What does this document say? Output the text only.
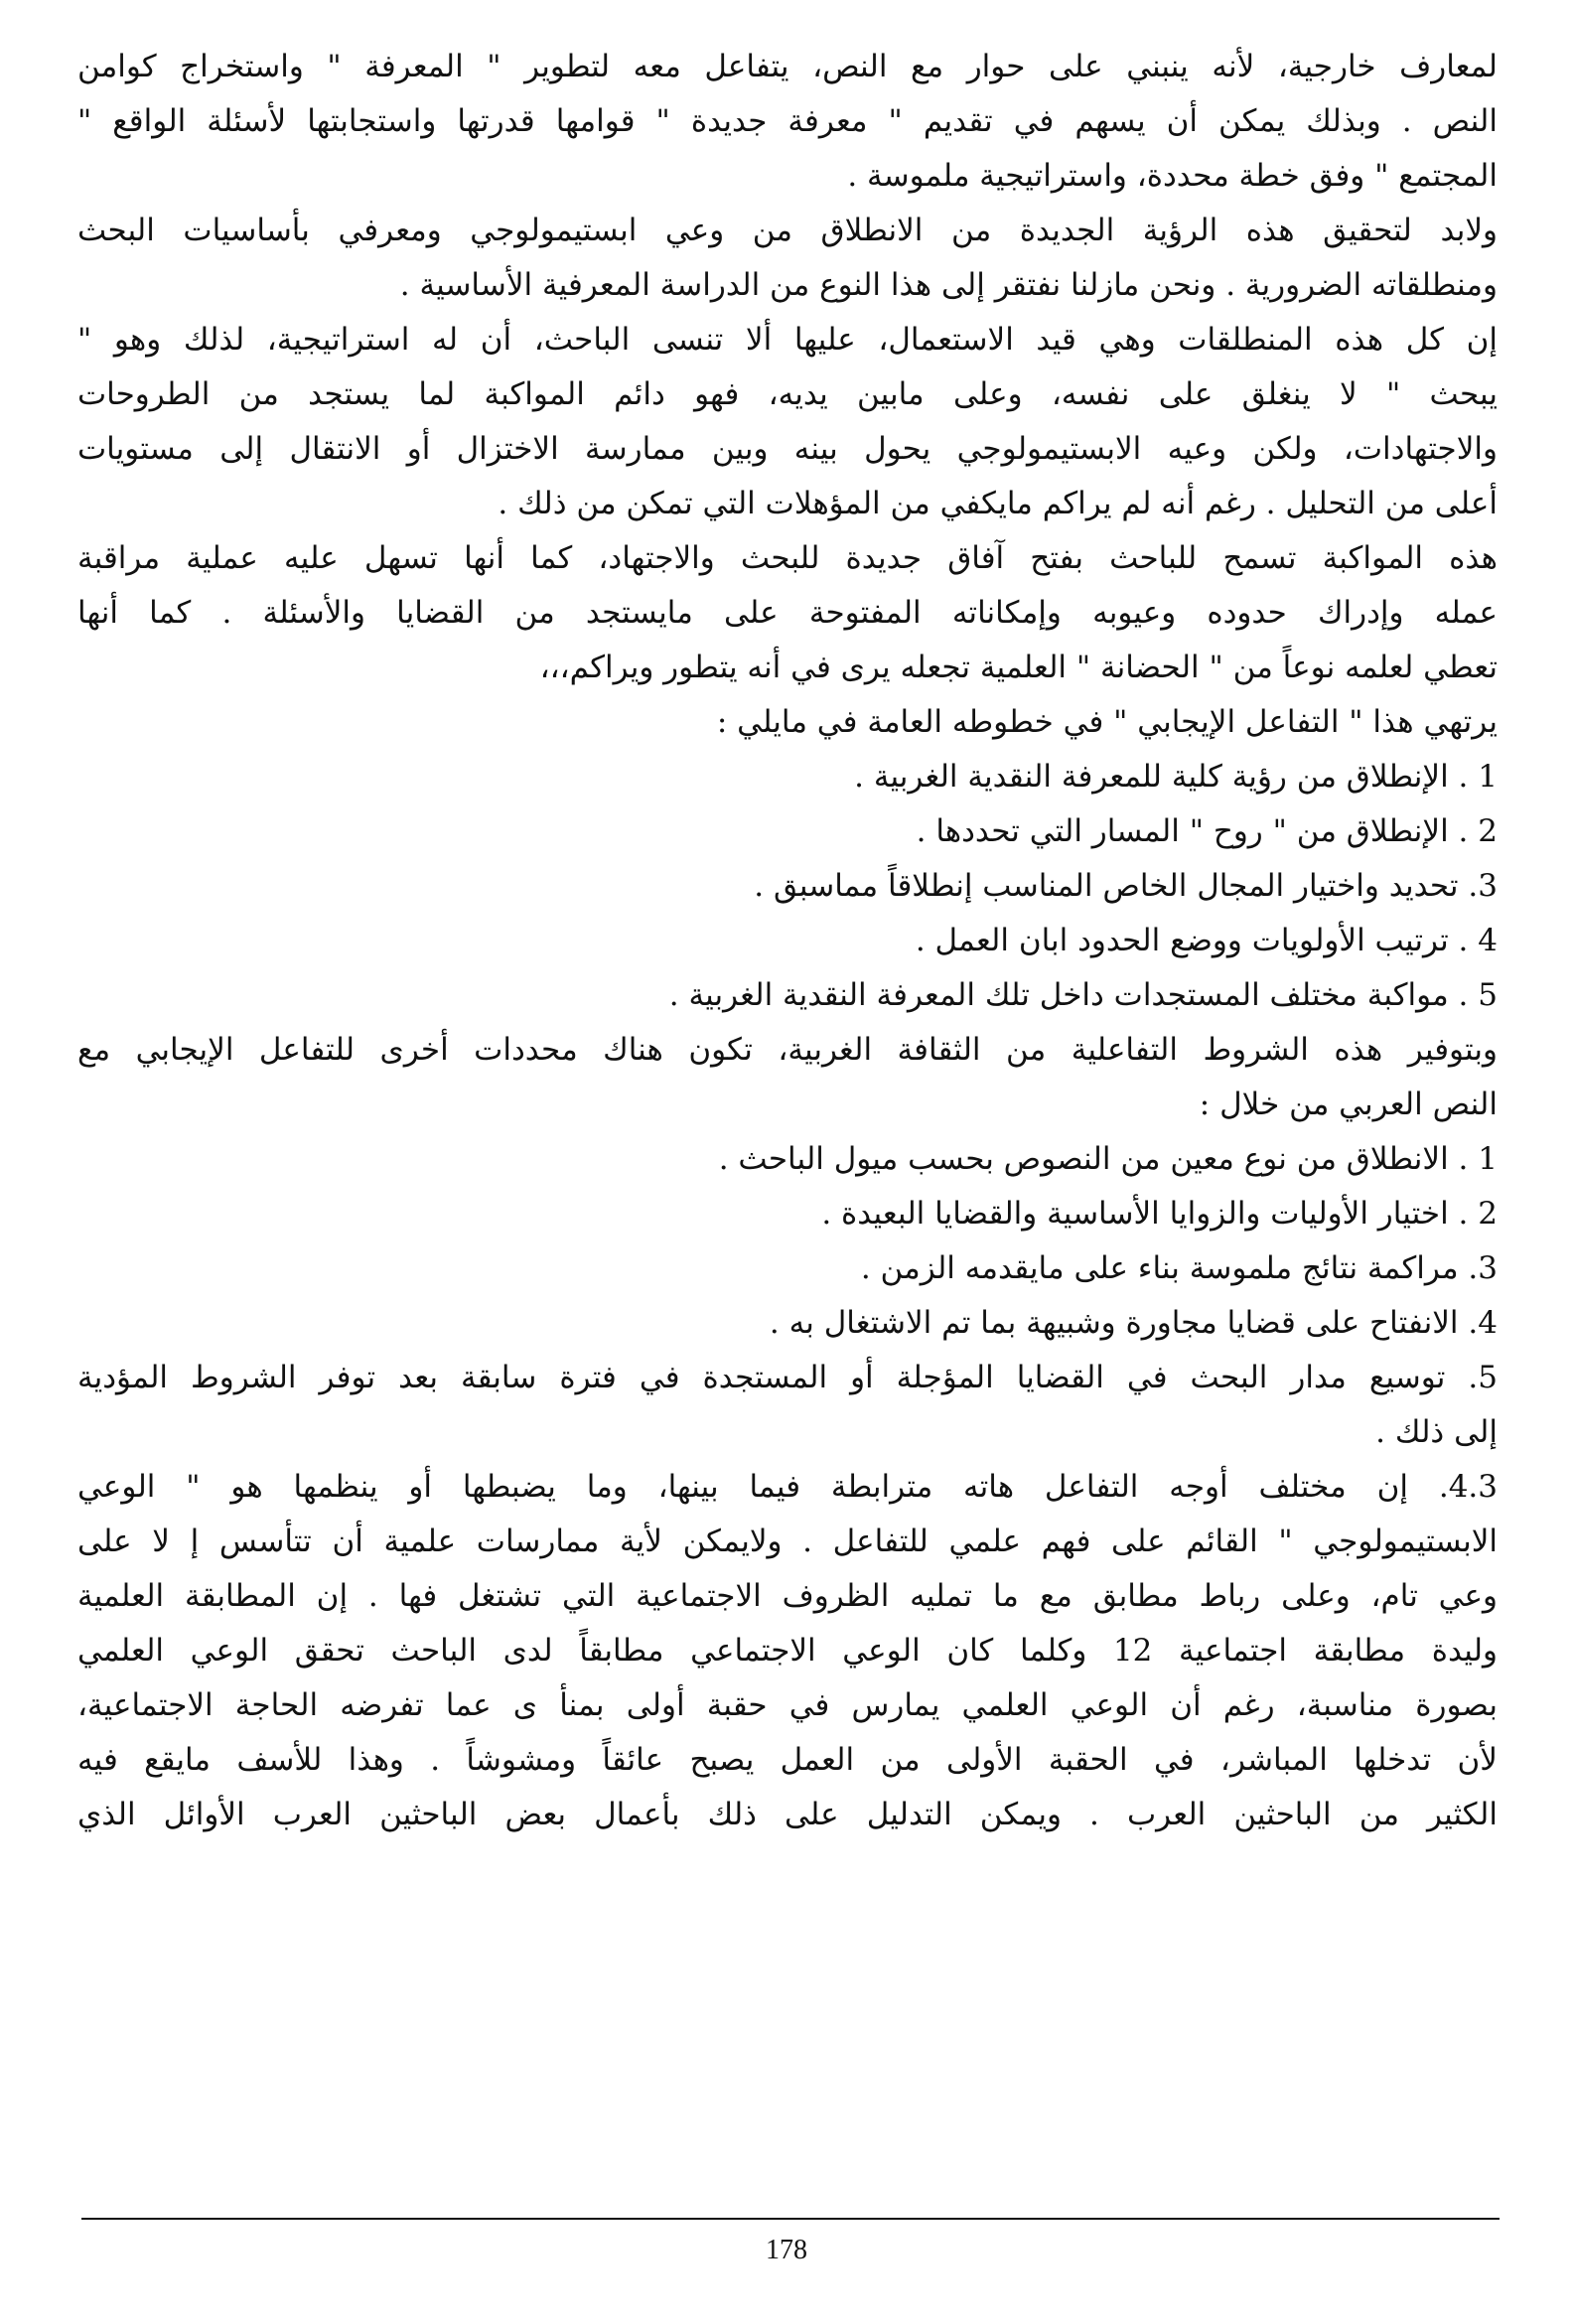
لمعارف خارجية، لأنه ينبني على حوار مع النص، يتفاعل معه لتطوير " المعرفة " واستخراج كوامن
النص . وبذلك يمكن أن يسهم في تقديم " معرفة جديدة " قوامها قدرتها واستجابتها لأسئلة الواقع "
المجتمع " وفق خطة محددة، واستراتيجية ملموسة .
ولابد لتحقيق هذه الرؤية الجديدة من الانطلاق من وعي ابستيمولوجي ومعرفي بأساسيات البحث
ومنطلقاته الضرورية . ونحن مازلنا نفتقر إلى هذا النوع من الدراسة المعرفية الأساسية .
إن كل هذه المنطلقات وهي قيد الاستعمال، عليها ألا تنسى الباحث، أن له استراتيجية، لذلك وهو "
يبحث " لا ينغلق على نفسه، وعلى مابين يديه، فهو دائم المواكبة لما يستجد من الطروحات
والاجتهادات، ولكن وعيه الابستيمولوجي يحول بينه وبين ممارسة الاختزال أو الانتقال إلى مستويات
أعلى من التحليل . رغم أنه لم يراكم مايكفي من المؤهلات التي تمكن من ذلك .
هذه المواكبة تسمح للباحث بفتح آفاق جديدة للبحث والاجتهاد، كما أنها تسهل عليه عملية مراقبة
عمله وإدراك حدوده وعيوبه وإمكاناته المفتوحة على مايستجد من القضايا والأسئلة . كما أنها
تعطي لعلمه نوعاً من " الحضانة " العلمية تجعله يرى في أنه يتطور ويراكم،،،
يرتهي هذا " التفاعل الإيجابي " في خطوطه العامة في مايلي :
1 . الإنطلاق من رؤية كلية للمعرفة النقدية الغربية .
2 . الإنطلاق من " روح " المسار التي تحددها .
3. تحديد واختيار المجال الخاص المناسب إنطلاقاً مماسبق .
4 . ترتيب الأولويات ووضع الحدود ابان العمل .
5 . مواكبة مختلف المستجدات داخل تلك المعرفة النقدية الغربية .
وبتوفير هذه الشروط التفاعلية من الثقافة الغربية، تكون هناك محددات أخرى للتفاعل الإيجابي مع
النص العربي من خلال :
1 . الانطلاق من نوع معين من النصوص بحسب ميول الباحث .
2 . اختيار الأوليات والزوايا الأساسية والقضايا البعيدة .
3. مراكمة نتائج ملموسة بناء على مايقدمه الزمن .
4. الانفتاح على قضايا مجاورة وشبيهة بما تم الاشتغال به .
5. توسيع مدار البحث في القضايا المؤجلة أو المستجدة في فترة سابقة بعد توفر الشروط المؤدية
إلى ذلك .
4.3. إن مختلف أوجه التفاعل هاته مترابطة فيما بينها، وما يضبطها أو ينظمها هو " الوعي
الابستيمولوجي " القائم على فهم علمي للتفاعل . ولايمكن لأية ممارسات علمية أن تتأسس إ لا على
وعي تام، وعلى رباط مطابق مع ما تمليه الظروف الاجتماعية التي تشتغل فها . إن المطابقة العلمية
وليدة مطابقة اجتماعية 12 وكلما كان الوعي الاجتماعي مطابقاً لدى الباحث تحقق الوعي العلمي
بصورة مناسبة، رغم أن الوعي العلمي يمارس في حقبة أولى بمنأ ى عما تفرضه الحاجة الاجتماعية،
لأن تدخلها المباشر، في الحقبة الأولى من العمل يصبح عائقاً ومشوشاً . وهذا للأسف مايقع فيه
الكثير من الباحثين العرب . ويمكن التدليل على ذلك بأعمال بعض الباحثين العرب الأوائل الذي
178
